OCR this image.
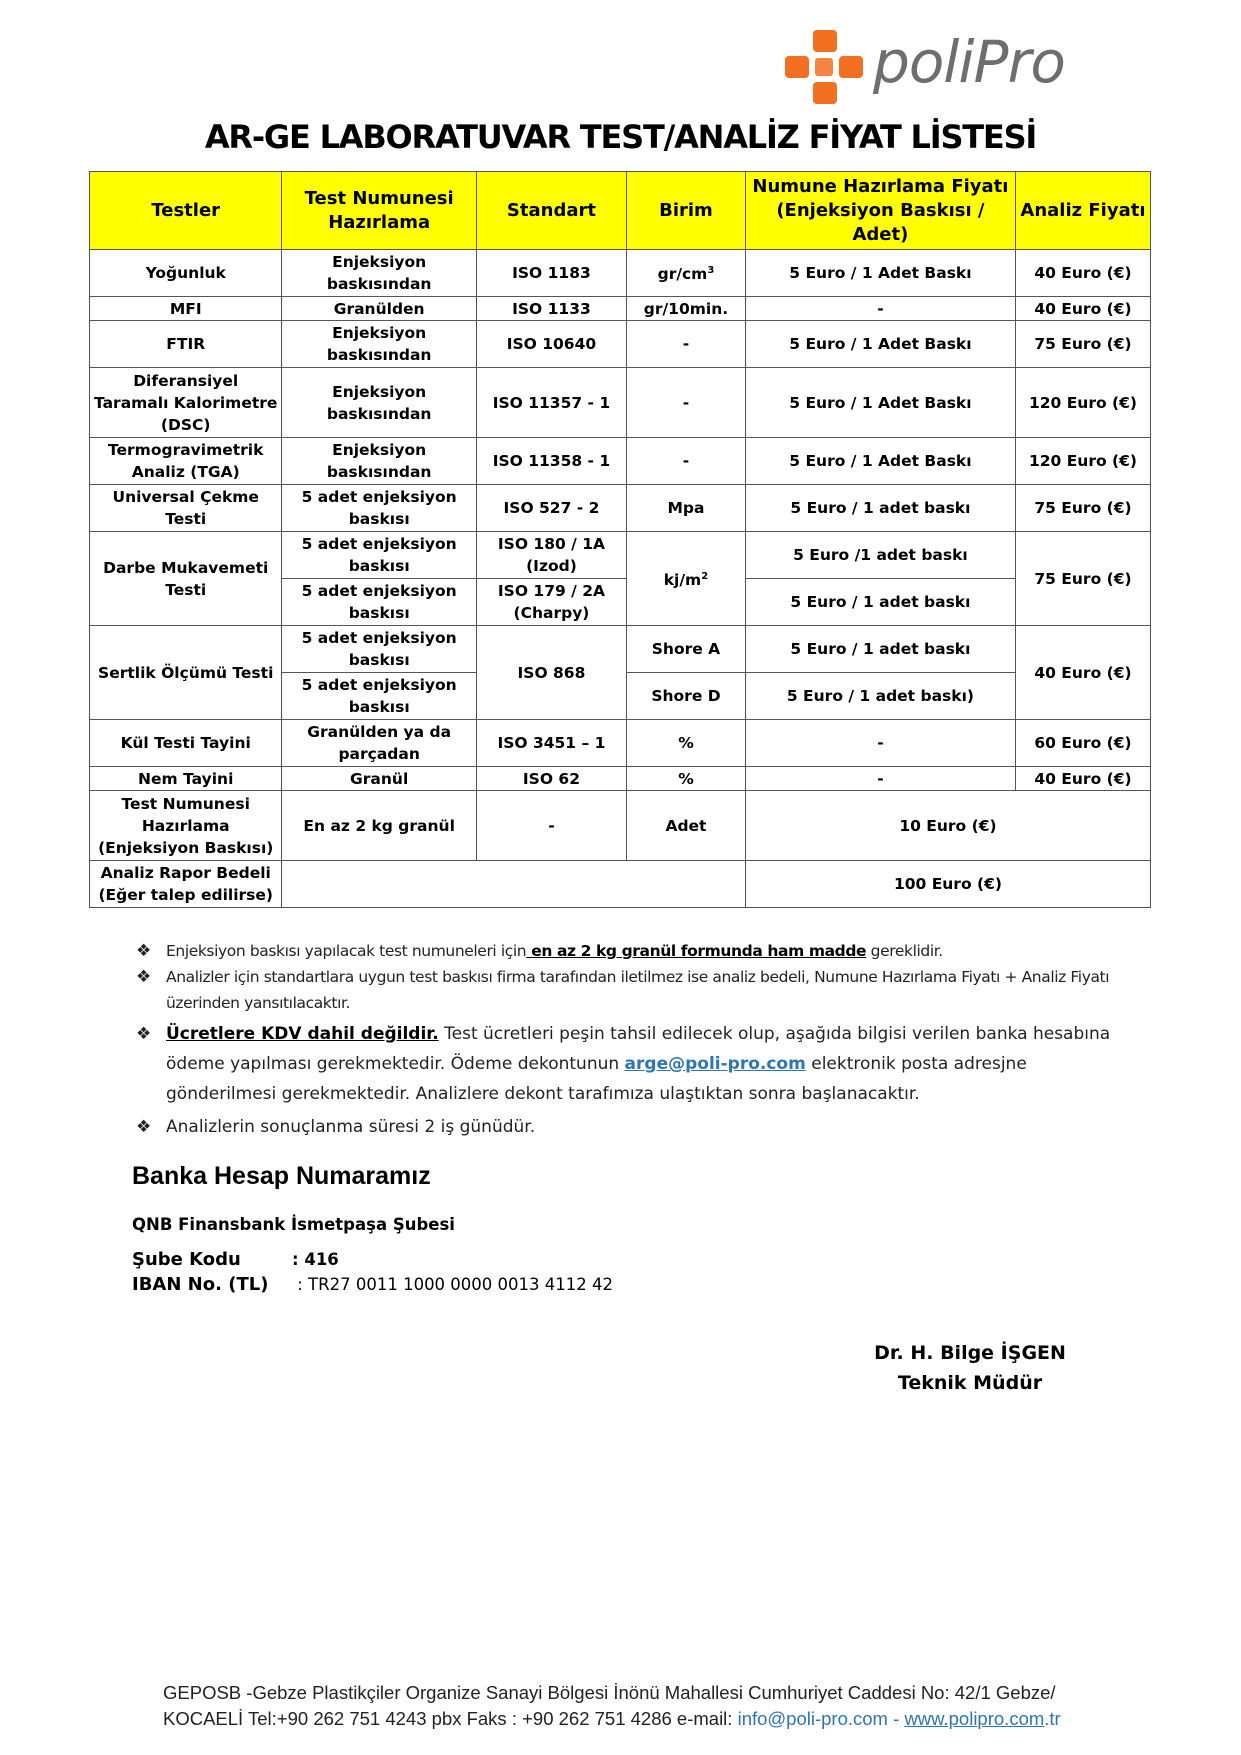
poliPro
AR-GE LABORATUVAR TEST/ANALİZ FİYAT LİSTESİ
Testler	Test Numunesi Hazırlama	Standart	Birim	Numune Hazırlama Fiyatı (Enjeksiyon Baskısı / Adet)	Analiz Fiyatı
Yoğunluk	Enjeksiyon baskısından	ISO 1183	$gr/cm^3$	5 Euro / 1 Adet Baskı	40 Euro (€)
MFI	Granülden	ISO 1133	gr/10min.	-	40 Euro (€)
FTIR	Enjeksiyon baskısından	ISO 10640	-	5 Euro / 1 Adet Baskı	75 Euro (€)
Diferansiyel Taramalı Kalorimetre (DSC)	Enjeksiyon baskısından	ISO 11357 - 1	-	5 Euro / 1 Adet Baskı	120 Euro (€)
Termogravimetrik Analiz (TGA)	Enjeksiyon baskısından	ISO 11358 - 1	-	5 Euro / 1 Adet Baskı	120 Euro (€)
Universal Çekme Testi	5 adet enjeksiyon baskısı	ISO 527 - 2	Mpa	5 Euro / 1 adet baskı	75 Euro (€)
Darbe Mukavemeti Testi	5 adet enjeksiyon baskısı	ISO 180 / 1A (Izod)	$kj/m^2$	5 Euro /1 adet baskı	75 Euro (€)
	5 adet enjeksiyon baskısı	ISO 179 / 2A (Charpy)		5 Euro / 1 adet baskı	
Sertlik Ölçümü Testi	5 adet enjeksiyon baskısı	ISO 868	Shore A	5 Euro / 1 adet baskı	40 Euro (€)
	5 adet enjeksiyon baskısı		Shore D	5 Euro / 1 adet baskı)	
Kül Testi Tayini	Granülden ya da parçadan	ISO 3451 – 1	%	-	60 Euro (€)
Nem Tayini	Granül	ISO 62	%	-	40 Euro (€)
Test Numunesi Hazırlama (Enjeksiyon Baskısı)	En az 2 kg granül	-	Adet	10 Euro (€)	
Analiz Rapor Bedeli (Eğer talep edilirse)				100 Euro (€)	
❖ Enjeksiyon baskısı yapılacak test numuneleri için en az 2 kg granül formunda ham madde gereklidir.
❖ Analizler için standartlara uygun test baskısı firma tarafından iletilmez ise analiz bedeli, Numune Hazırlama Fiyatı + Analiz Fiyatı üzerinden yansıtılacaktır.
❖ Ücretlere KDV dahil değildir. Test ücretleri peşin tahsil edilecek olup, aşağıda bilgisi verilen banka hesabına ödeme yapılması gerekmektedir. Ödeme dekontunun arge@poli-pro.com elektronik posta adresjne gönderilmesi gerekmektedir. Analizlere dekont tarafımıza ulaştıktan sonra başlanacaktır.
❖ Analizlerin sonuçlanma süresi 2 iş günüdür.
Banka Hesap Numaramız
QNB Finansbank İsmetpaşa Şubesi
Şube Kodu	: 416
IBAN No. (TL) : TR27 0011 1000 0000 0013 4112 42
Dr. H. Bilge İŞGEN
Teknik Müdür
GEPOSB -Gebze Plastikçiler Organize Sanayi Bölgesi İnönü Mahallesi Cumhuriyet Caddesi No: 42/1 Gebze/
KOCAELİ Tel:+90 262 751 4243 pbx Faks : +90 262 751 4286 e-mail: info@poli-pro.com - www.polipro.com.tr
